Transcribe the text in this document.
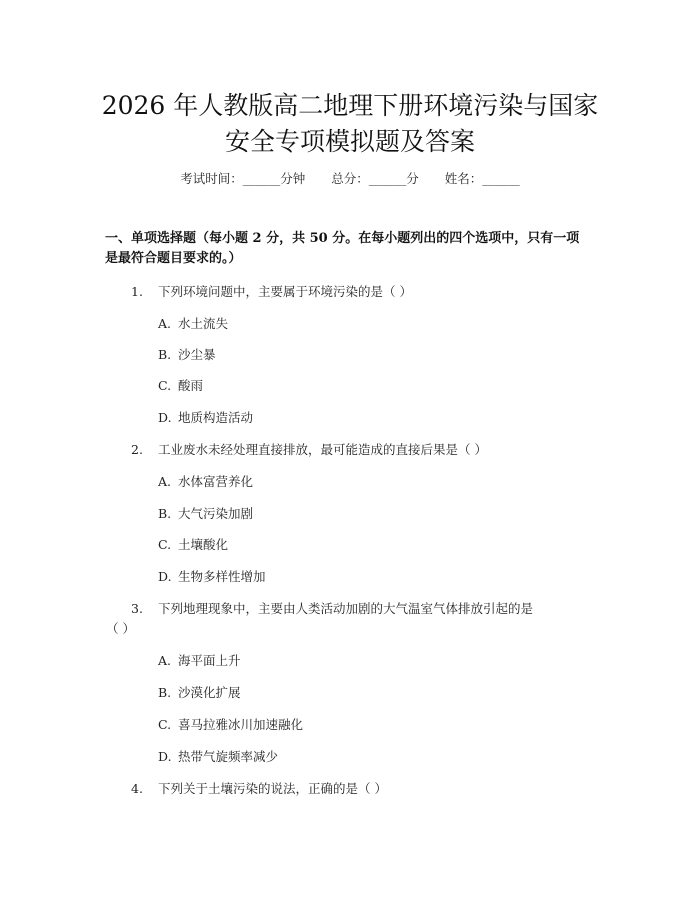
2026 年人教版高二地理下册环境污染与国家
安全专项模拟题及答案
考试时间：______分钟 总分：______分 姓名：______
一、单项选择题（每小题 2 分，共 50 分。在每小题列出的四个选项中，只有一项
是最符合题目要求的。）
1.	下列环境问题中，主要属于环境污染的是（ ）
A. 水土流失
B. 沙尘暴
C. 酸雨
D. 地质构造活动
2.	工业废水未经处理直接排放，最可能造成的直接后果是（ ）
A. 水体富营养化
B. 大气污染加剧
C. 土壤酸化
D. 生物多样性增加
3.	下列地理现象中，主要由人类活动加剧的大气温室气体排放引起的是
（ ）
A. 海平面上升
B. 沙漠化扩展
C. 喜马拉雅冰川加速融化
D. 热带气旋频率减少
4.	下列关于土壤污染的说法，正确的是（ ）
